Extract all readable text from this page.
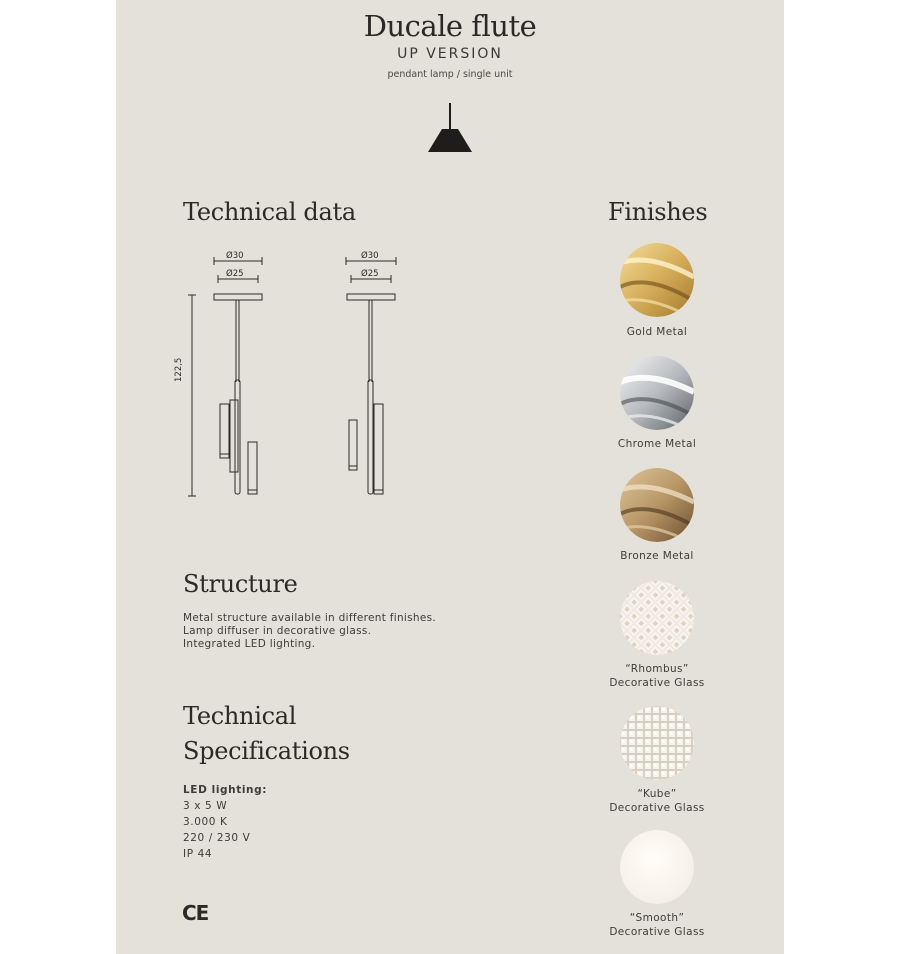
Ducale flute
UP VERSION
pendant lamp / single unit
Technical data
Ø30
Ø25
122,5
Ø30
Ø25
Structure
Metal structure available in different finishes.
Lamp diffuser in decorative glass.
Integrated LED lighting.
Technical
Specifications
LED lighting:
3 x 5 W
3.000 K
220 / 230 V
IP 44
CE
Finishes
Gold Metal
Chrome Metal
Bronze Metal
“Rhombus”
Decorative Glass
“Kube”
Decorative Glass
“Smooth”
Decorative Glass
